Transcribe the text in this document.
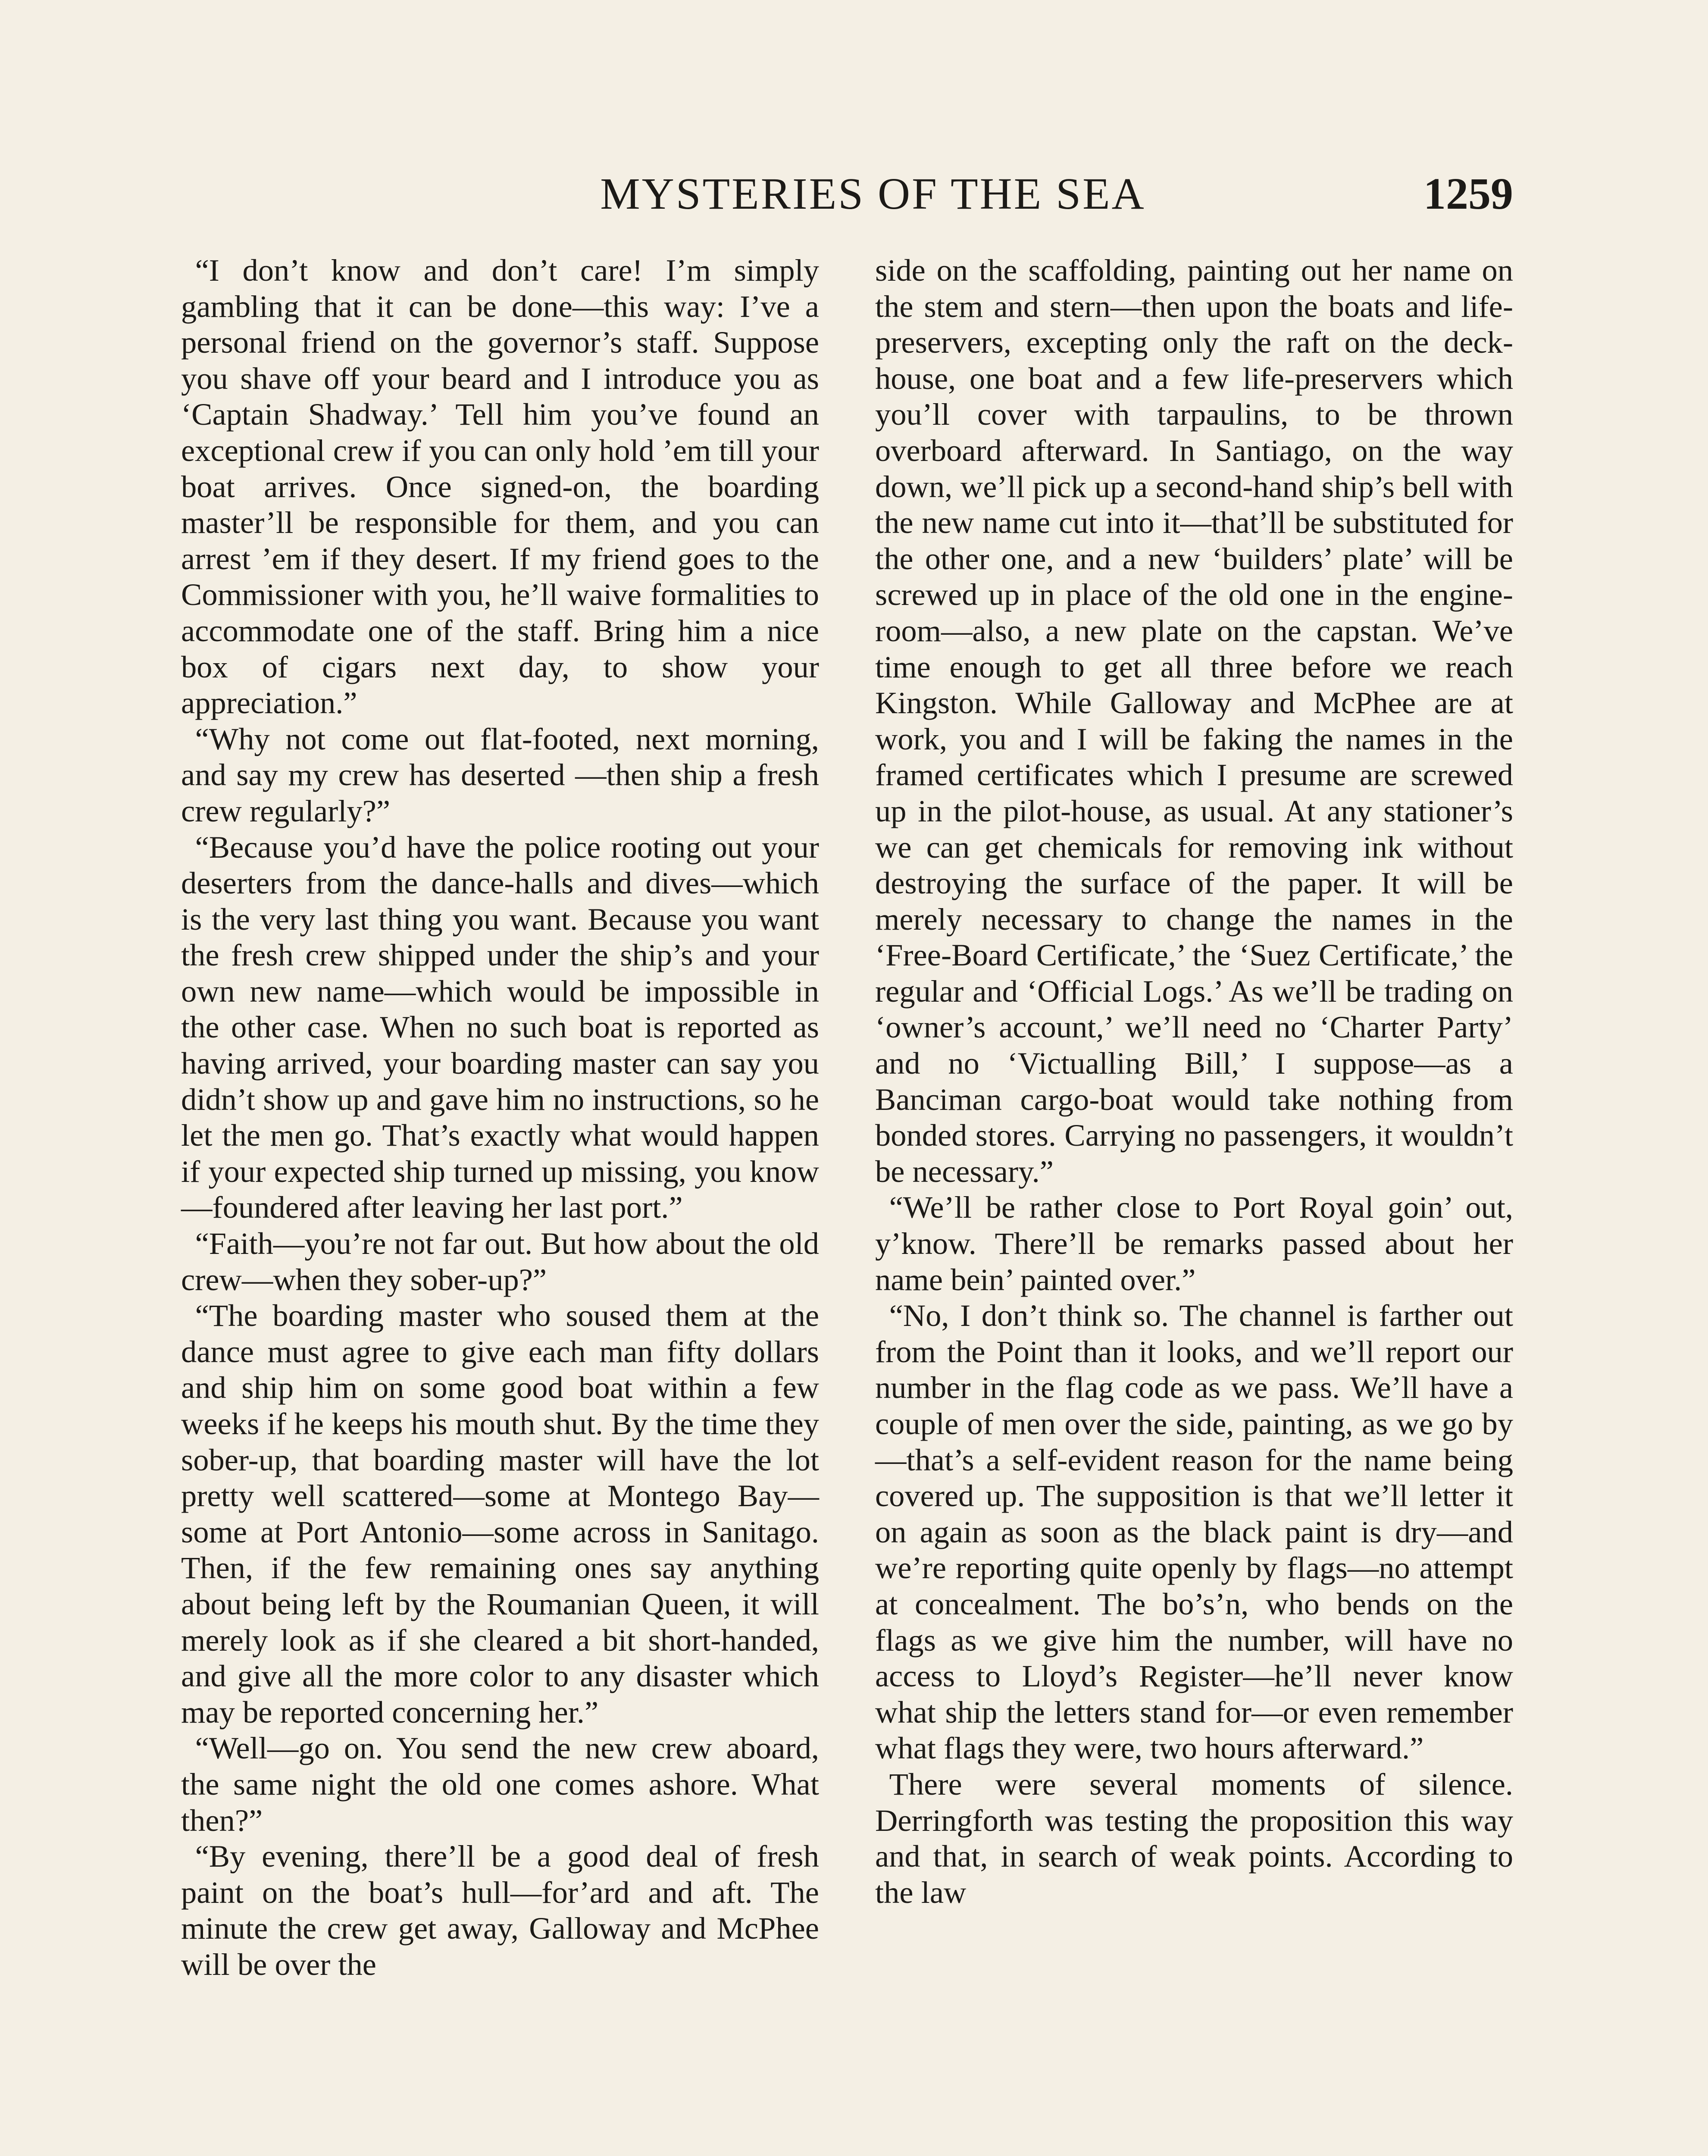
MYSTERIES OF THE SEA	1259

“I don’t know and don’t care! I’m simply gambling that it can be done—this way: I’ve a personal friend on the governor’s staff. Suppose you shave off your beard and I introduce you as ‘Captain Shadway.’ Tell him you’ve found an exceptional crew if you can only hold ’em till your boat arrives. Once signed-on, the boarding master’ll be responsible for them, and you can arrest ’em if they desert. If my friend goes to the Commissioner with you, he’ll waive formalities to accommodate one of the staff. Bring him a nice box of cigars next day, to show your appreciation.”

“Why not come out flat-footed, next morning, and say my crew has deserted —then ship a fresh crew regularly?”

“Because you’d have the police rooting out your deserters from the dance-halls and dives—which is the very last thing you want. Because you want the fresh crew shipped under the ship’s and your own new name—which would be impossible in the other case. When no such boat is reported as having arrived, your boarding master can say you didn’t show up and gave him no instructions, so he let the men go. That’s exactly what would happen if your expected ship turned up missing, you know—foundered after leaving her last port.”

“Faith—you’re not far out. But how about the old crew—when they sober-up?”

“The boarding master who soused them at the dance must agree to give each man fifty dollars and ship him on some good boat within a few weeks if he keeps his mouth shut. By the time they sober-up, that boarding master will have the lot pretty well scattered—some at Montego Bay—some at Port Antonio—some across in Sanitago. Then, if the few remaining ones say anything about being left by the Roumanian Queen, it will merely look as if she cleared a bit short-handed, and give all the more color to any disaster which may be reported concerning her.”

“Well—go on. You send the new crew aboard, the same night the old one comes ashore. What then?”

“By evening, there’ll be a good deal of fresh paint on the boat’s hull—for’ard and aft. The minute the crew get away, Galloway and McPhee will be over the

side on the scaffolding, painting out her name on the stem and stern—then upon the boats and life-preservers, excepting only the raft on the deck-house, one boat and a few life-preservers which you’ll cover with tarpaulins, to be thrown overboard afterward. In Santiago, on the way down, we’ll pick up a second-hand ship’s bell with the new name cut into it—that’ll be substituted for the other one, and a new ‘builders’ plate’ will be screwed up in place of the old one in the engine-room—also, a new plate on the capstan. We’ve time enough to get all three before we reach Kingston. While Galloway and McPhee are at work, you and I will be faking the names in the framed certificates which I presume are screwed up in the pilot-house, as usual. At any stationer’s we can get chemicals for removing ink without destroying the surface of the paper. It will be merely necessary to change the names in the ‘Free-Board Certificate,’ the ‘Suez Certificate,’ the regular and ‘Official Logs.’ As we’ll be trading on ‘owner’s account,’ we’ll need no ‘Charter Party’ and no ‘Victualling Bill,’ I suppose—as a Banciman cargo-boat would take nothing from bonded stores. Carrying no passengers, it wouldn’t be necessary.”

“We’ll be rather close to Port Royal goin’ out, y’know. There’ll be remarks passed about her name bein’ painted over.”

“No, I don’t think so. The channel is farther out from the Point than it looks, and we’ll report our number in the flag code as we pass. We’ll have a couple of men over the side, painting, as we go by —that’s a self-evident reason for the name being covered up. The supposition is that we’ll letter it on again as soon as the black paint is dry—and we’re reporting quite openly by flags—no attempt at concealment. The bo’s’n, who bends on the flags as we give him the number, will have no access to Lloyd’s Register—he’ll never know what ship the letters stand for—or even remember what flags they were, two hours afterward.”

There were several moments of silence. Derringforth was testing the proposition this way and that, in search of weak points. According to the law
